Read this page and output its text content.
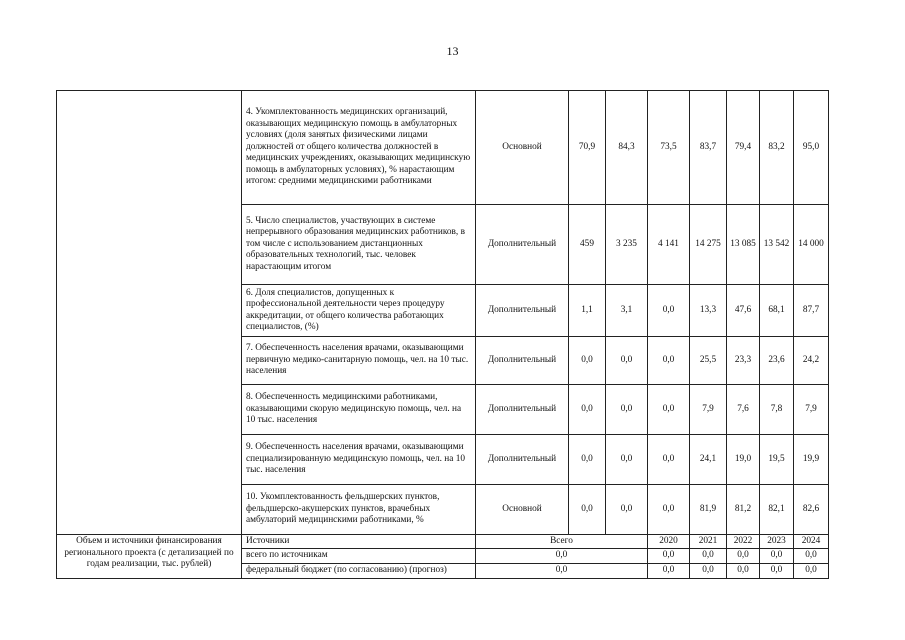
13
	4. Укомплектованность медицинских организаций, оказывающих медицинскую помощь в амбулаторных условиях (доля занятых физическими лицами должностей от общего количества должностей в медицинских учреждениях, оказывающих медицинскую помощь в амбулаторных условиях), % нарастающим итогом: средними медицинскими работниками	Основной	70,9	84,3	73,5	83,7	79,4	83,2	95,0
	5. Число специалистов, участвующих в системе непрерывного образования медицинских работников, в том числе с использованием дистанционных образовательных технологий, тыс. человек нарастающим итогом	Дополнительный	459	3 235	4 141	14 275	13 085	13 542	14 000
	6. Доля специалистов, допущенных к профессиональной деятельности через процедуру аккредитации, от общего количества работающих специалистов, (%)	Дополнительный	1,1	3,1	0,0	13,3	47,6	68,1	87,7
	7. Обеспеченность населения врачами, оказывающими первичную медико-санитарную помощь, чел. на 10 тыс. населения	Дополнительный	0,0	0,0	0,0	25,5	23,3	23,6	24,2
	8. Обеспеченность медицинскими работниками, оказывающими скорую медицинскую помощь, чел. на 10 тыс. населения	Дополнительный	0,0	0,0	0,0	7,9	7,6	7,8	7,9
	9. Обеспеченность населения врачами, оказывающими специализированную медицинскую помощь, чел. на 10 тыс. населения	Дополнительный	0,0	0,0	0,0	24,1	19,0	19,5	19,9
	10. Укомплектованность фельдшерских пунктов, фельдшерско-акушерских пунктов, врачебных амбулаторий медицинскими работниками, %	Основной	0,0	0,0	0,0	81,9	81,2	82,1	82,6
Объем и источники финансирования регионального проекта (с детализацией по годам реализации, тыс. рублей)	Источники	Всего			2020	2021	2022	2023	2024
	всего по источникам	0,0			0,0	0,0	0,0	0,0	0,0
	федеральный бюджет (по согласованию) (прогноз)	0,0			0,0	0,0	0,0	0,0	0,0
